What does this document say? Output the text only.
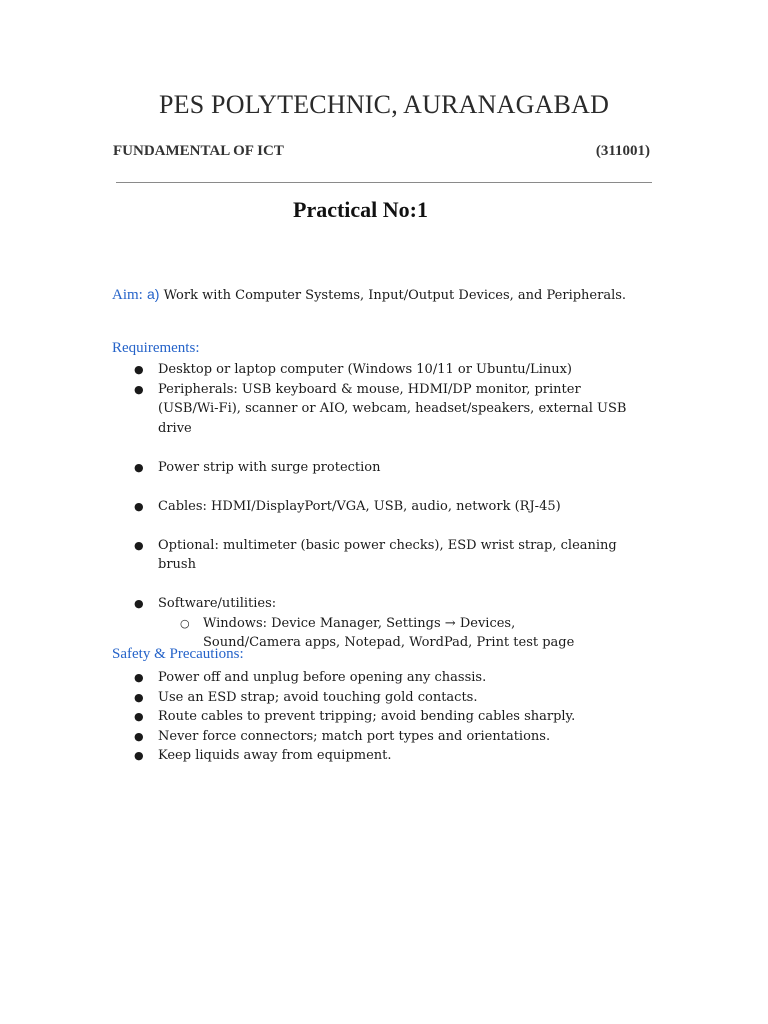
PES POLYTECHNIC, AURANAGABAD
FUNDAMENTAL OF ICT	(311001)
Practical No:1
Aim: a) Work with Computer Systems, Input/Output Devices, and Peripherals.
Requirements:
● Desktop or laptop computer (Windows 10/11 or Ubuntu/Linux)
● Peripherals: USB keyboard & mouse, HDMI/DP monitor, printer (USB/Wi-Fi), scanner or AIO, webcam, headset/speakers, external USB drive
● Power strip with surge protection
● Cables: HDMI/DisplayPort/VGA, USB, audio, network (RJ-45)
● Optional: multimeter (basic power checks), ESD wrist strap, cleaning brush
● Software/utilities:
○ Windows: Device Manager, Settings → Devices, Sound/Camera apps, Notepad, WordPad, Print test page
Safety & Precautions:
● Power off and unplug before opening any chassis.
● Use an ESD strap; avoid touching gold contacts.
● Route cables to prevent tripping; avoid bending cables sharply.
● Never force connectors; match port types and orientations.
● Keep liquids away from equipment.
